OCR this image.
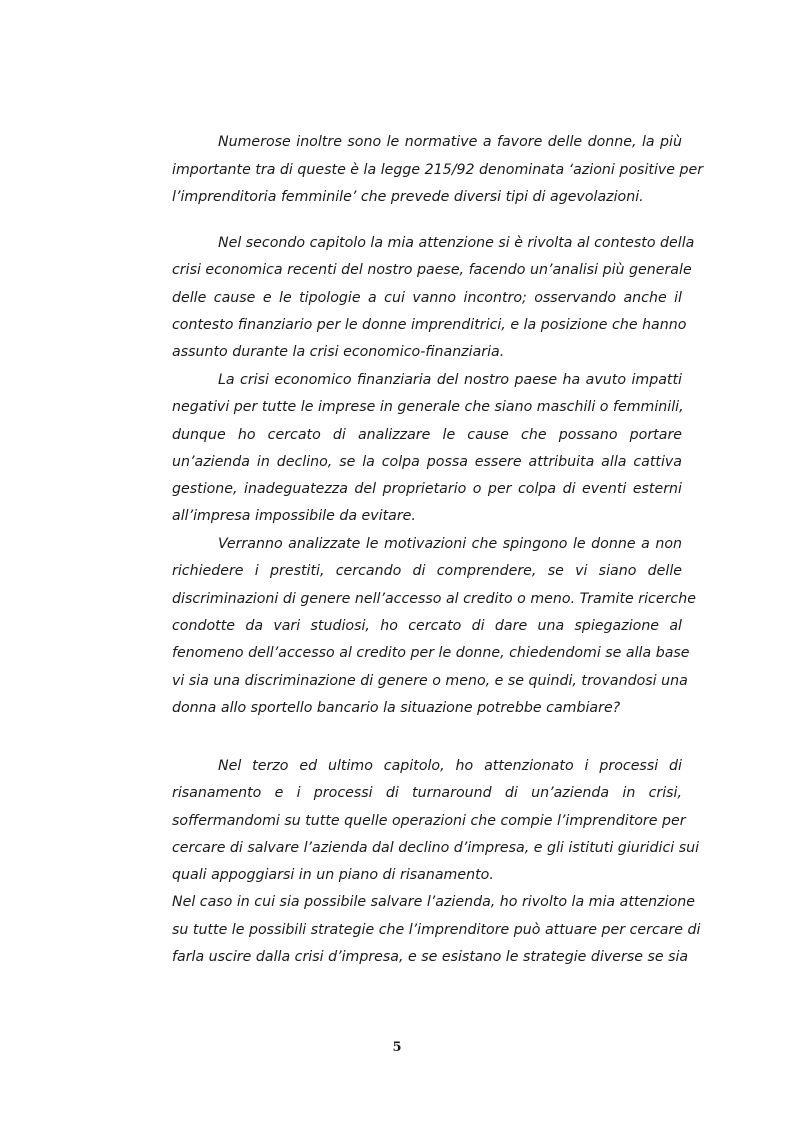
Numerose inoltre sono le normative a favore delle donne, la più
importante tra di queste è la legge 215/92 denominata ‘azioni positive per
l’imprenditoria femminile’ che prevede diversi tipi di agevolazioni.
Nel secondo capitolo la mia attenzione si è rivolta al contesto della
crisi economica recenti del nostro paese, facendo un’analisi più generale
delle cause e le tipologie a cui vanno incontro; osservando anche il
contesto finanziario per le donne imprenditrici, e la posizione che hanno
assunto durante la crisi economico-finanziaria.
La crisi economico finanziaria del nostro paese ha avuto impatti
negativi per tutte le imprese in generale che siano maschili o femminili,
dunque ho cercato di analizzare le cause che possano portare
un’azienda in declino, se la colpa possa essere attribuita alla cattiva
gestione, inadeguatezza del proprietario o per colpa di eventi esterni
all’impresa impossibile da evitare.
Verranno analizzate le motivazioni che spingono le donne a non
richiedere i prestiti, cercando di comprendere, se vi siano delle
discriminazioni di genere nell’accesso al credito o meno. Tramite ricerche
condotte da vari studiosi, ho cercato di dare una spiegazione al
fenomeno dell’accesso al credito per le donne, chiedendomi se alla base
vi sia una discriminazione di genere o meno, e se quindi, trovandosi una
donna allo sportello bancario la situazione potrebbe cambiare?
Nel terzo ed ultimo capitolo, ho attenzionato i processi di
risanamento e i processi di turnaround di un’azienda in crisi,
soffermandomi su tutte quelle operazioni che compie l’imprenditore per
cercare di salvare l’azienda dal declino d’impresa, e gli istituti giuridici sui
quali appoggiarsi in un piano di risanamento.
Nel caso in cui sia possibile salvare l’azienda, ho rivolto la mia attenzione
su tutte le possibili strategie che l’imprenditore può attuare per cercare di
farla uscire dalla crisi d’impresa, e se esistano le strategie diverse se sia
5
